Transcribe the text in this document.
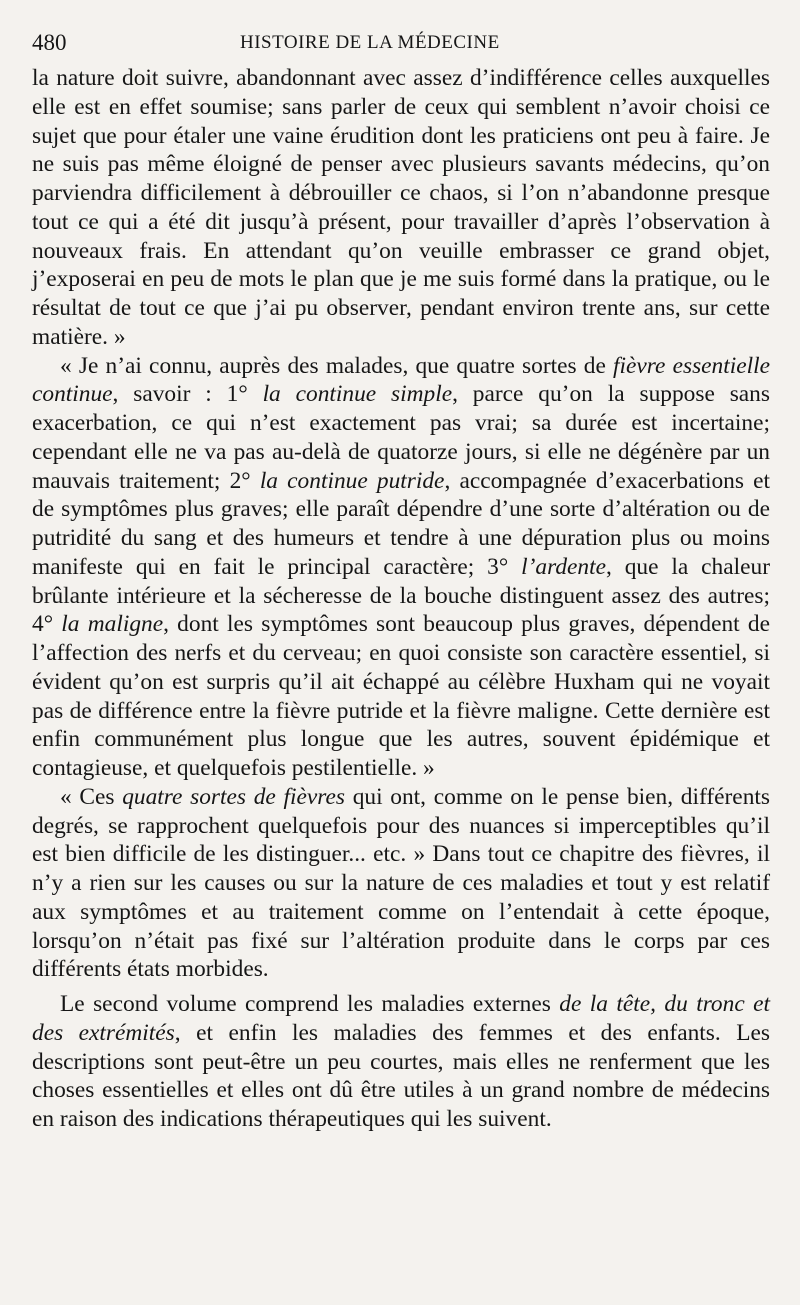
480	HISTOIRE DE LA MÉDECINE

la nature doit suivre, abandonnant avec assez d’indifférence celles auxquelles elle est en effet soumise; sans parler de ceux qui semblent n’avoir choisi ce sujet que pour étaler une vaine érudition dont les praticiens ont peu à faire. Je ne suis pas même éloigné de penser avec plusieurs savants médecins, qu’on parviendra difficilement à débrouiller ce chaos, si l’on n’abandonne presque tout ce qui a été dit jusqu’à présent, pour travailler d’après l’observation à nouveaux frais. En attendant qu’on veuille embrasser ce grand objet, j’exposerai en peu de mots le plan que je me suis formé dans la pratique, ou le résultat de tout ce que j’ai pu observer, pendant environ trente ans, sur cette matière. »

« Je n’ai connu, auprès des malades, que quatre sortes de fièvre essentielle continue, savoir : 1° la continue simple, parce qu’on la suppose sans exacerbation, ce qui n’est exactement pas vrai; sa durée est incertaine; cependant elle ne va pas au-delà de quatorze jours, si elle ne dégénère par un mauvais traitement; 2° la continue putride, accompagnée d’exacerbations et de symptômes plus graves; elle paraît dépendre d’une sorte d’altération ou de putridité du sang et des humeurs et tendre à une dépuration plus ou moins manifeste qui en fait le principal caractère; 3° l’ardente, que la chaleur brûlante intérieure et la sécheresse de la bouche distinguent assez des autres; 4° la maligne, dont les symptômes sont beaucoup plus graves, dépendent de l’affection des nerfs et du cerveau; en quoi consiste son caractère essentiel, si évident qu’on est surpris qu’il ait échappé au célèbre Huxham qui ne voyait pas de différence entre la fièvre putride et la fièvre maligne. Cette dernière est enfin communément plus longue que les autres, souvent épidémique et contagieuse, et quelquefois pestilentielle. »

« Ces quatre sortes de fièvres qui ont, comme on le pense bien, différents degrés, se rapprochent quelquefois pour des nuances si imperceptibles qu’il est bien difficile de les distinguer... etc. » Dans tout ce chapitre des fièvres, il n’y a rien sur les causes ou sur la nature de ces maladies et tout y est relatif aux symptômes et au traitement comme on l’entendait à cette époque, lorsqu’on n’était pas fixé sur l’altération produite dans le corps par ces différents états morbides.

Le second volume comprend les maladies externes de la tête, du tronc et des extrémités, et enfin les maladies des femmes et des enfants. Les descriptions sont peut-être un peu courtes, mais elles ne renferment que les choses essentielles et elles ont dû être utiles à un grand nombre de médecins en raison des indications thérapeutiques qui les suivent.
